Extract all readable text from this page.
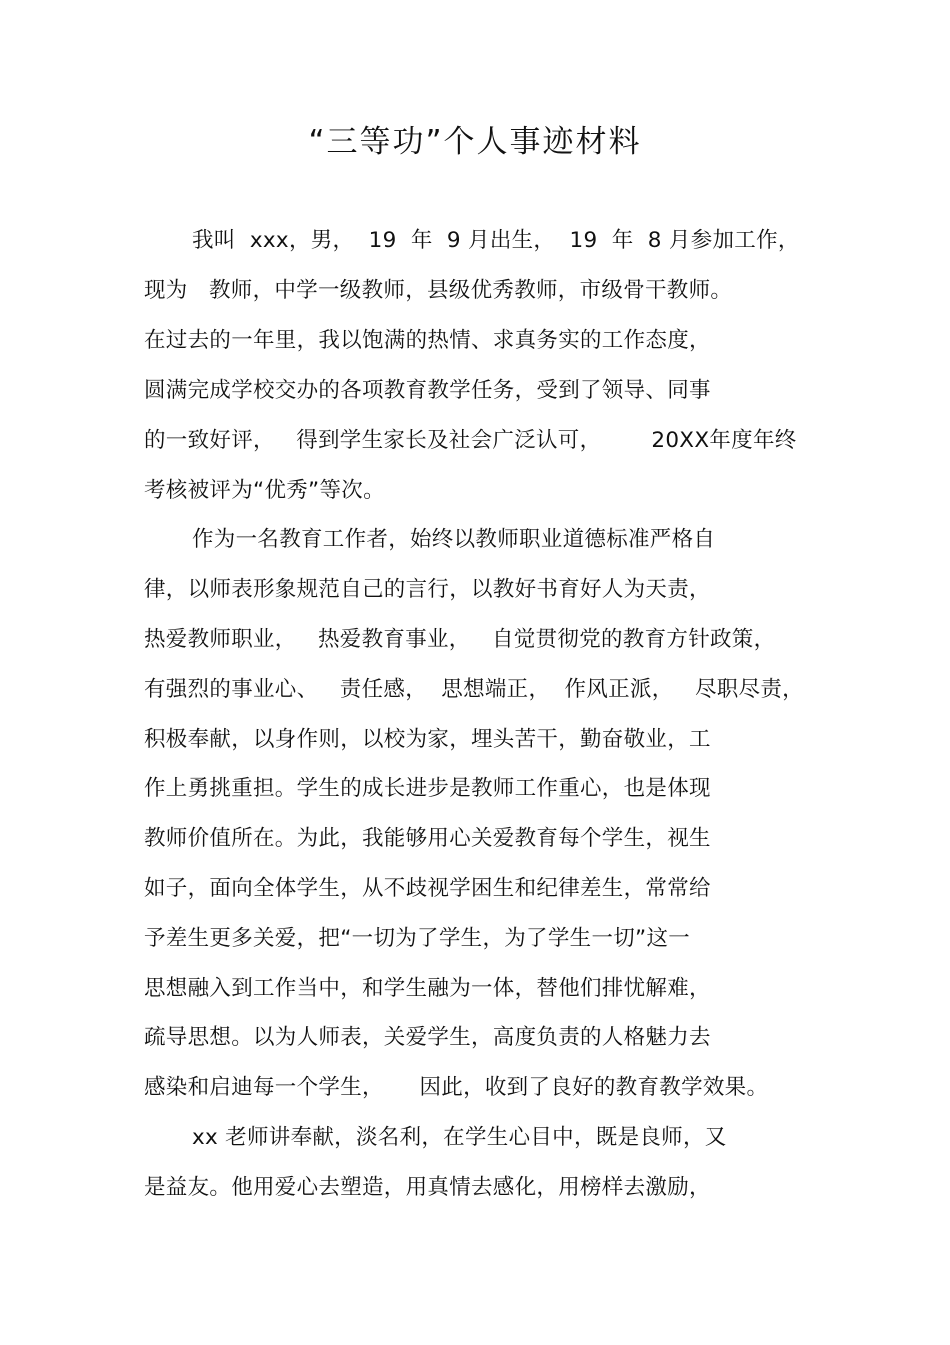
“三等功”个人事迹材料
我叫  xxx，男，  19  年  9 月出生，  19  年  8 月参加工作，
现为   教师，中学一级教师，县级优秀教师，市级骨干教师。
在过去的一年里，我以饱满的热情、求真务实的工作态度，
圆满完成学校交办的各项教育教学任务，受到了领导、同事
的一致好评，   得到学生家长及社会广泛认可，       20XX年度年终
考核被评为“优秀”等次。
作为一名教育工作者，始终以教师职业道德标准严格自
律，以师表形象规范自己的言行，以教好书育好人为天责，
热爱教师职业，   热爱教育事业，   自觉贯彻党的教育方针政策，
有强烈的事业心、   责任感，  思想端正，  作风正派，   尽职尽责，
积极奉献，以身作则，以校为家，埋头苦干，勤奋敬业，工
作上勇挑重担。学生的成长进步是教师工作重心，也是体现
教师价值所在。为此，我能够用心关爱教育每个学生，视生
如子，面向全体学生，从不歧视学困生和纪律差生，常常给
予差生更多关爱，把“一切为了学生，为了学生一切”这一
思想融入到工作当中，和学生融为一体，替他们排忧解难，
疏导思想。以为人师表，关爱学生，高度负责的人格魅力去
感染和启迪每一个学生，     因此，收到了良好的教育教学效果。
xx 老师讲奉献，淡名利，在学生心目中，既是良师，又
是益友。他用爱心去塑造，用真情去感化，用榜样去激励，
